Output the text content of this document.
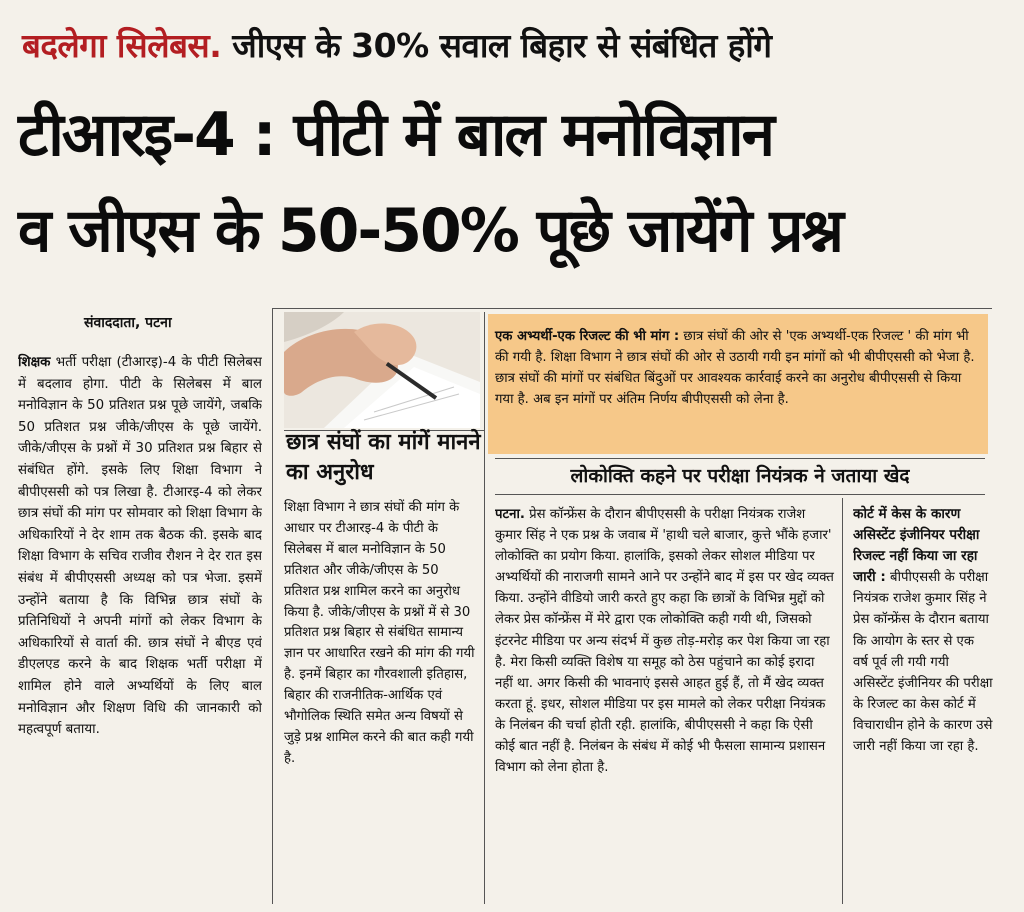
बदलेगा सिलेबस. जीएस के 30% सवाल बिहार से संबंधित होंगे
टीआरइ-4 : पीटी में बाल मनोविज्ञान
व जीएस के 50-50% पूछे जायेंगे प्रश्न
संवाददाता, पटना
शिक्षक भर्ती परीक्षा (टीआरइ)-4 के पीटी सिलेबस में बदलाव होगा. पीटी के सिलेबस में बाल मनोविज्ञान के 50 प्रतिशत प्रश्न पूछे जायेंगे, जबकि 50 प्रतिशत प्रश्न जीके/जीएस के पूछे जायेंगे. जीके/जीएस के प्रश्नों में 30 प्रतिशत प्रश्न बिहार से संबंधित होंगे. इसके लिए शिक्षा विभाग ने बीपीएससी को पत्र लिखा है. टीआरइ-4 को लेकर छात्र संघों की मांग पर सोमवार को शिक्षा विभाग के अधिकारियों ने देर शाम तक बैठक की. इसके बाद शिक्षा विभाग के सचिव राजीव रौशन ने देर रात इस संबंध में बीपीएससी अध्यक्ष को पत्र भेजा. इसमें उन्होंने बताया है कि विभिन्न छात्र संघों के प्रतिनिधियों ने अपनी मांगों को लेकर विभाग के अधिकारियों से वार्ता की. छात्र संघों ने बीएड एवं डीएलएड करने के बाद शिक्षक भर्ती परीक्षा में शामिल होने वाले अभ्यर्थियों के लिए बाल मनोविज्ञान और शिक्षण विधि की जानकारी को महत्वपूर्ण बताया.
छात्र संघों का मांगें मानने का अनुरोध
शिक्षा विभाग ने छात्र संघों की मांग के आधार पर टीआरइ-4 के पीटी के सिलेबस में बाल मनोविज्ञान के 50 प्रतिशत और जीके/जीएस के 50 प्रतिशत प्रश्न शामिल करने का अनुरोध किया है. जीके/जीएस के प्रश्नों में से 30 प्रतिशत प्रश्न बिहार से संबंधित सामान्य ज्ञान पर आधारित रखने की मांग की गयी है. इनमें बिहार का गौरवशाली इतिहास, बिहार की राजनीतिक-आर्थिक एवं भौगोलिक स्थिति समेत अन्य विषयों से जुड़े प्रश्न शामिल करने की बात कही गयी है.
एक अभ्यर्थी-एक रिजल्ट की भी मांग : छात्र संघों की ओर से 'एक अभ्यर्थी-एक रिजल्ट ' की मांग भी की गयी है. शिक्षा विभाग ने छात्र संघों की ओर से उठायी गयी इन मांगों को भी बीपीएससी को भेजा है. छात्र संघों की मांगों पर संबंधित बिंदुओं पर आवश्यक कार्रवाई करने का अनुरोध बीपीएससी से किया गया है. अब इन मांगों पर अंतिम निर्णय बीपीएससी को लेना है.
लोकोक्ति कहने पर परीक्षा नियंत्रक ने जताया खेद
पटना. प्रेस कॉन्फ्रेंस के दौरान बीपीएससी के परीक्षा नियंत्रक राजेश कुमार सिंह ने एक प्रश्न के जवाब में 'हाथी चले बाजार, कुत्ते भौंके हजार' लोकोक्ति का प्रयोग किया. हालांकि, इसको लेकर सोशल मीडिया पर अभ्यर्थियों की नाराजगी सामने आने पर उन्होंने बाद में इस पर खेद व्यक्त किया. उन्होंने वीडियो जारी करते हुए कहा कि छात्रों के विभिन्न मुद्दों को लेकर प्रेस कॉन्फ्रेंस में मेरे द्वारा एक लोकोक्ति कही गयी थी, जिसको इंटरनेट मीडिया पर अन्य संदर्भ में कुछ तोड़-मरोड़ कर पेश किया जा रहा है. मेरा किसी व्यक्ति विशेष या समूह को ठेस पहुंचाने का कोई इरादा नहीं था. अगर किसी की भावनाएं इससे आहत हुई हैं, तो मैं खेद व्यक्त करता हूं. इधर, सोशल मीडिया पर इस मामले को लेकर परीक्षा नियंत्रक के निलंबन की चर्चा होती रही. हालांकि, बीपीएससी ने कहा कि ऐसी कोई बात नहीं है. निलंबन के संबंध में कोई भी फैसला सामान्य प्रशासन विभाग को लेना होता है.
कोर्ट में केस के कारण असिस्टेंट इंजीनियर परीक्षा रिजल्ट नहीं किया जा रहा जारी : बीपीएससी के परीक्षा नियंत्रक राजेश कुमार सिंह ने प्रेस कॉन्फ्रेंस के दौरान बताया कि आयोग के स्तर से एक वर्ष पूर्व ली गयी गयी असिस्टेंट इंजीनियर की परीक्षा के रिजल्ट का केस कोर्ट में विचाराधीन होने के कारण उसे जारी नहीं किया जा रहा है.
